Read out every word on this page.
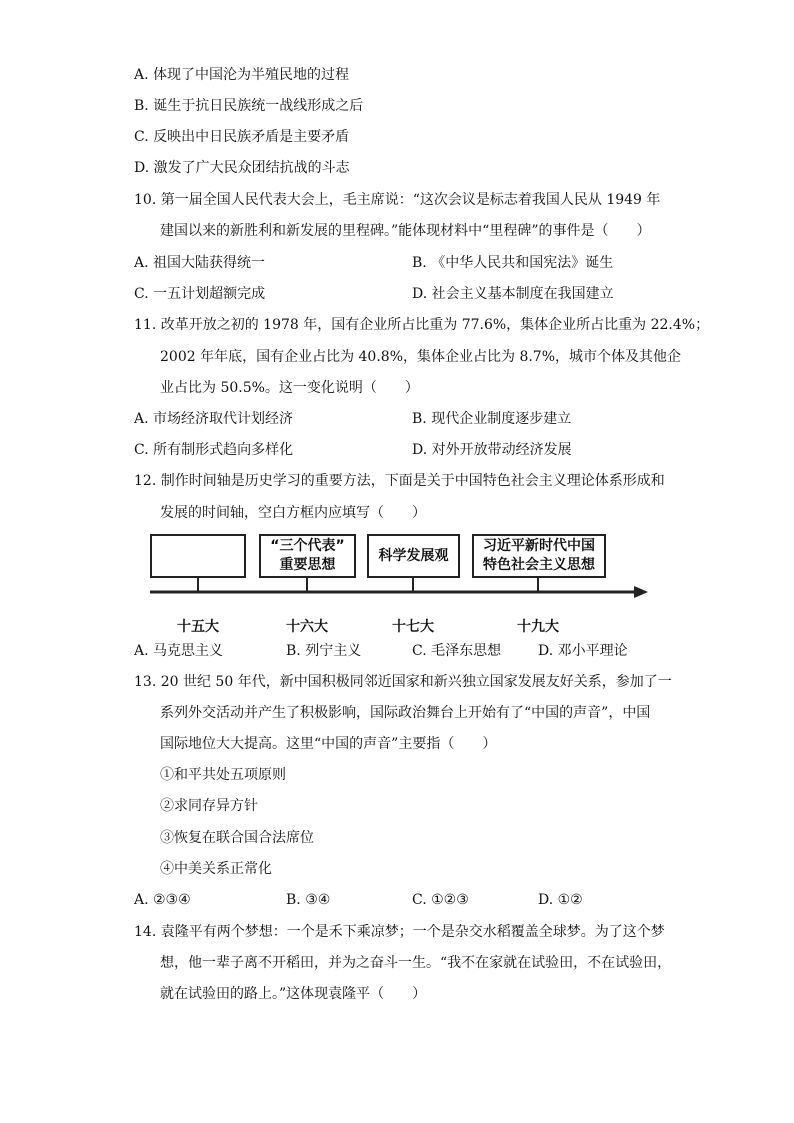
A. 体现了中国沦为半殖民地的过程
B. 诞生于抗日民族统一战线形成之后
C. 反映出中日民族矛盾是主要矛盾
D. 激发了广大民众团结抗战的斗志
10. 第一届全国人民代表大会上，毛主席说：“这次会议是标志着我国人民从 1949 年
建国以来的新胜利和新发展的里程碑。”能体现材料中“里程碑”的事件是（　　）
A. 祖国大陆获得统一	B. 《中华人民共和国宪法》诞生
C. 一五计划超额完成	D. 社会主义基本制度在我国建立
11. 改革开放之初的 1978 年，国有企业所占比重为 77.6%，集体企业所占比重为 22.4%；
2002 年年底，国有企业占比为 40.8%，集体企业占比为 8.7%，城市个体及其他企
业占比为 50.5%。这一变化说明（　　）
A. 市场经济取代计划经济	B. 现代企业制度逐步建立
C. 所有制形式趋向多样化	D. 对外开放带动经济发展
12. 制作时间轴是历史学习的重要方法，下面是关于中国特色社会主义理论体系形成和
发展的时间轴，空白方框内应填写（　　）
“三个代表”
重要思想
科学发展观
习近平新时代中国
特色社会主义思想
十五大	十六大	十七大	十九大
A. 马克思主义	B. 列宁主义	C. 毛泽东思想	D. 邓小平理论
13. 20 世纪 50 年代，新中国积极同邻近国家和新兴独立国家发展友好关系，参加了一
系列外交活动并产生了积极影响，国际政治舞台上开始有了“中国的声音”，中国
国际地位大大提高。这里“中国的声音”主要指（　　）
①和平共处五项原则
②求同存异方针
③恢复在联合国合法席位
④中美关系正常化
A. ②③④	B. ③④	C. ①②③	D. ①②
14. 袁隆平有两个梦想：一个是禾下乘凉梦；一个是杂交水稻覆盖全球梦。为了这个梦
想，他一辈子离不开稻田，并为之奋斗一生。“我不在家就在试验田，不在试验田，
就在试验田的路上。”这体现袁隆平（　　）
